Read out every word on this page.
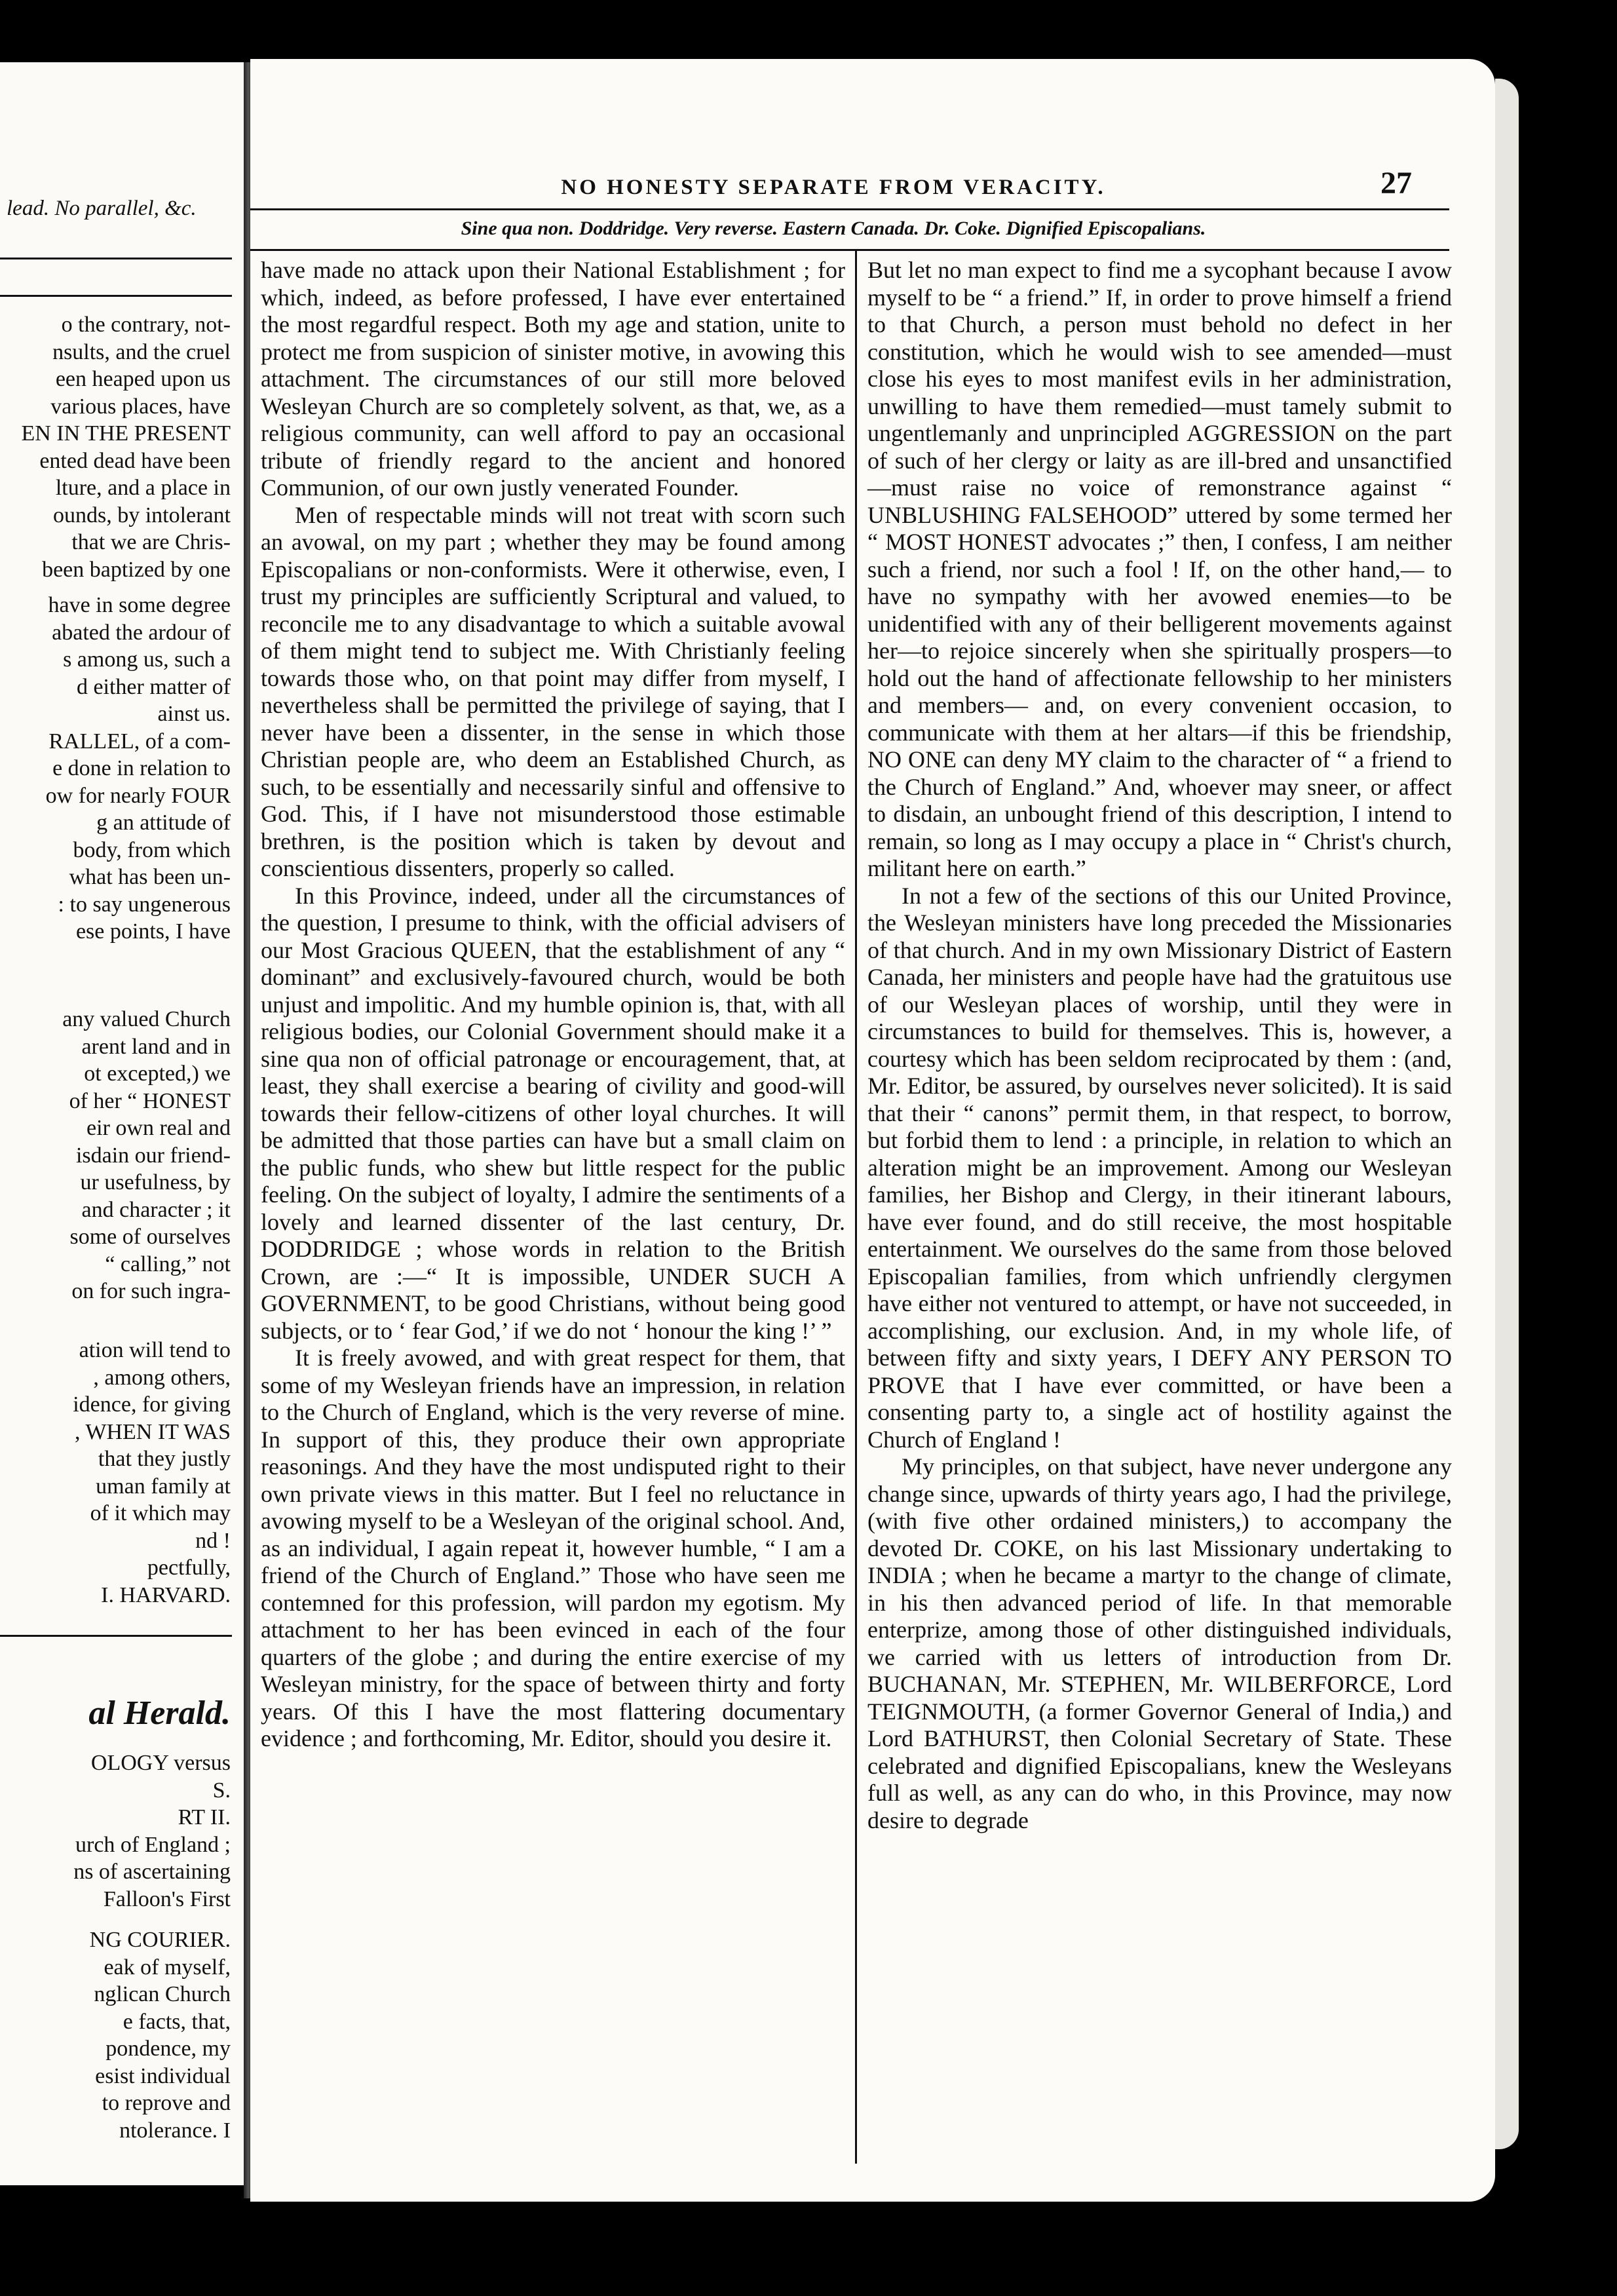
lead. No parallel, &c.
o the contrary, not-
nsults, and the cruel
een heaped upon us
various places, have
EN IN THE PRESENT
ented dead have been
lture, and a place in
ounds, by intolerant
that we are Chris-
been baptized by one
have in some degree
abated the ardour of
s among us, such a
d either matter of
ainst us.
RALLEL, of a com-
e done in relation to
ow for nearly FOUR
g an attitude of
body, from which
what has been un-
: to say ungenerous
ese points, I have
any valued Church
arent land and in
ot excepted,) we
of her “ HONEST
eir own real and
isdain our friend-
ur usefulness, by
and character ; it
some of ourselves
“ calling,” not
on for such ingra-
ation will tend to
, among others,
idence, for giving
, WHEN IT WAS
that they justly
uman family at
of it which may
nd !
pectfully,
I. HARVARD.
al Herald.
OLOGY versus
S.
RT II.
urch of England ;
ns of ascertaining
Falloon's First
NG COURIER.
eak of myself,
nglican Church
e facts, that,
pondence, my
esist individual
to reprove and
ntolerance. I
NO HONESTY SEPARATE FROM VERACITY.	27
Sine qua non. Doddridge. Very reverse. Eastern Canada. Dr. Coke. Dignified Episcopalians.

have made no attack upon their National Establishment ; for which, indeed, as before professed, I have ever entertained the most regardful respect. Both my age and station, unite to protect me from suspicion of sinister motive, in avowing this attachment. The circumstances of our still more beloved Wesleyan Church are so completely solvent, as that, we, as a religious community, can well afford to pay an occasional tribute of friendly regard to the ancient and honored Communion, of our own justly venerated Founder.

Men of respectable minds will not treat with scorn such an avowal, on my part ; whether they may be found among Episcopalians or non-conformists. Were it otherwise, even, I trust my principles are sufficiently Scriptural and valued, to reconcile me to any disadvantage to which a suitable avowal of them might tend to subject me. With Christianly feeling towards those who, on that point may differ from myself, I nevertheless shall be permitted the privilege of saying, that I never have been a dissenter, in the sense in which those Christian people are, who deem an Established Church, as such, to be essentially and necessarily sinful and offensive to God. This, if I have not misunderstood those estimable brethren, is the position which is taken by devout and conscientious dissenters, properly so called.

In this Province, indeed, under all the circumstances of the question, I presume to think, with the official advisers of our Most Gracious QUEEN, that the establishment of any “ dominant” and exclusively-favoured church, would be both unjust and impolitic. And my humble opinion is, that, with all religious bodies, our Colonial Government should make it a sine qua non of official patronage or encouragement, that, at least, they shall exercise a bearing of civility and good-will towards their fellow-citizens of other loyal churches. It will be admitted that those parties can have but a small claim on the public funds, who shew but little respect for the public feeling. On the subject of loyalty, I admire the sentiments of a lovely and learned dissenter of the last century, Dr. DODDRIDGE ; whose words in relation to the British Crown, are :—“ It is impossible, UNDER SUCH A GOVERNMENT, to be good Christians, without being good subjects, or to ‘ fear God,’ if we do not ‘ honour the king !’ ”

It is freely avowed, and with great respect for them, that some of my Wesleyan friends have an impression, in relation to the Church of England, which is the very reverse of mine. In support of this, they produce their own appropriate reasonings. And they have the most undisputed right to their own private views in this matter. But I feel no reluctance in avowing myself to be a Wesleyan of the original school. And, as an individual, I again repeat it, however humble, “ I am a friend of the Church of England.” Those who have seen me contemned for this profession, will pardon my egotism. My attachment to her has been evinced in each of the four quarters of the globe ; and during the entire exercise of my Wesleyan ministry, for the space of between thirty and forty years. Of this I have the most flattering documentary evidence ; and forthcoming, Mr. Editor, should you desire it.

But let no man expect to find me a sycophant because I avow myself to be “ a friend.” If, in order to prove himself a friend to that Church, a person must behold no defect in her constitution, which he would wish to see amended—must close his eyes to most manifest evils in her administration, unwilling to have them remedied—must tamely submit to ungentlemanly and unprincipled AGGRESSION on the part of such of her clergy or laity as are ill-bred and unsanctified—must raise no voice of remonstrance against “ UNBLUSHING FALSEHOOD” uttered by some termed her “ MOST HONEST advocates ;” then, I confess, I am neither such a friend, nor such a fool ! If, on the other hand,— to have no sympathy with her avowed enemies—to be unidentified with any of their belligerent movements against her—to rejoice sincerely when she spiritually prospers—to hold out the hand of affectionate fellowship to her ministers and members— and, on every convenient occasion, to communicate with them at her altars—if this be friendship, NO ONE can deny MY claim to the character of “ a friend to the Church of England.” And, whoever may sneer, or affect to disdain, an unbought friend of this description, I intend to remain, so long as I may occupy a place in “ Christ's church, militant here on earth.”

In not a few of the sections of this our United Province, the Wesleyan ministers have long preceded the Missionaries of that church. And in my own Missionary District of Eastern Canada, her ministers and people have had the gratuitous use of our Wesleyan places of worship, until they were in circumstances to build for themselves. This is, however, a courtesy which has been seldom reciprocated by them : (and, Mr. Editor, be assured, by ourselves never solicited). It is said that their “ canons” permit them, in that respect, to borrow, but forbid them to lend : a principle, in relation to which an alteration might be an improvement. Among our Wesleyan families, her Bishop and Clergy, in their itinerant labours, have ever found, and do still receive, the most hospitable entertainment. We ourselves do the same from those beloved Episcopalian families, from which unfriendly clergymen have either not ventured to attempt, or have not succeeded, in accomplishing, our exclusion. And, in my whole life, of between fifty and sixty years, I DEFY ANY PERSON TO PROVE that I have ever committed, or have been a consenting party to, a single act of hostility against the Church of England !

My principles, on that subject, have never undergone any change since, upwards of thirty years ago, I had the privilege, (with five other ordained ministers,) to accompany the devoted Dr. COKE, on his last Missionary undertaking to INDIA ; when he became a martyr to the change of climate, in his then advanced period of life. In that memorable enterprize, among those of other distinguished individuals, we carried with us letters of introduction from Dr. BUCHANAN, Mr. STEPHEN, Mr. WILBERFORCE, Lord TEIGNMOUTH, (a former Governor General of India,) and Lord BATHURST, then Colonial Secretary of State. These celebrated and dignified Episcopalians, knew the Wesleyans full as well, as any can do who, in this Province, may now desire to degrade
